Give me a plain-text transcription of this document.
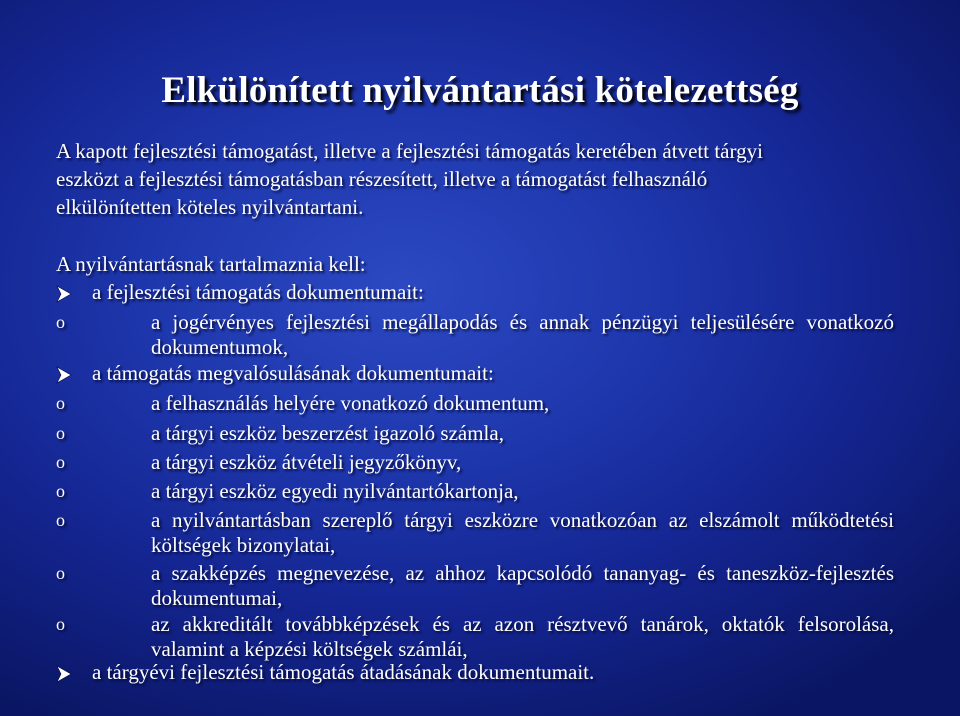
Elkülönített nyilvántartási kötelezettség
A kapott fejlesztési támogatást, illetve a fejlesztési támogatás keretében átvett tárgyi eszközt a fejlesztési támogatásban részesített, illetve a támogatást felhasználó elkülönítetten köteles nyilvántartani.
A nyilvántartásnak tartalmaznia kell:
a fejlesztési támogatás dokumentumait:
o	a jogérvényes fejlesztési megállapodás és annak pénzügyi teljesülésére vonatkozó dokumentumok,
a támogatás megvalósulásának dokumentumait:
o	a felhasználás helyére vonatkozó dokumentum,
o	a tárgyi eszköz beszerzést igazoló számla,
o	a tárgyi eszköz átvételi jegyzőkönyv,
o	a tárgyi eszköz egyedi nyilvántartókartonja,
o	a nyilvántartásban szereplő tárgyi eszközre vonatkozóan az elszámolt működtetési költségek bizonylatai,
o	a szakképzés megnevezése, az ahhoz kapcsolódó tananyag- és taneszköz-fejlesztés dokumentumai,
o	az akkreditált továbbképzések és az azon résztvevő tanárok, oktatók felsorolása, valamint a képzési költségek számlái,
a tárgyévi fejlesztési támogatás átadásának dokumentumait.
